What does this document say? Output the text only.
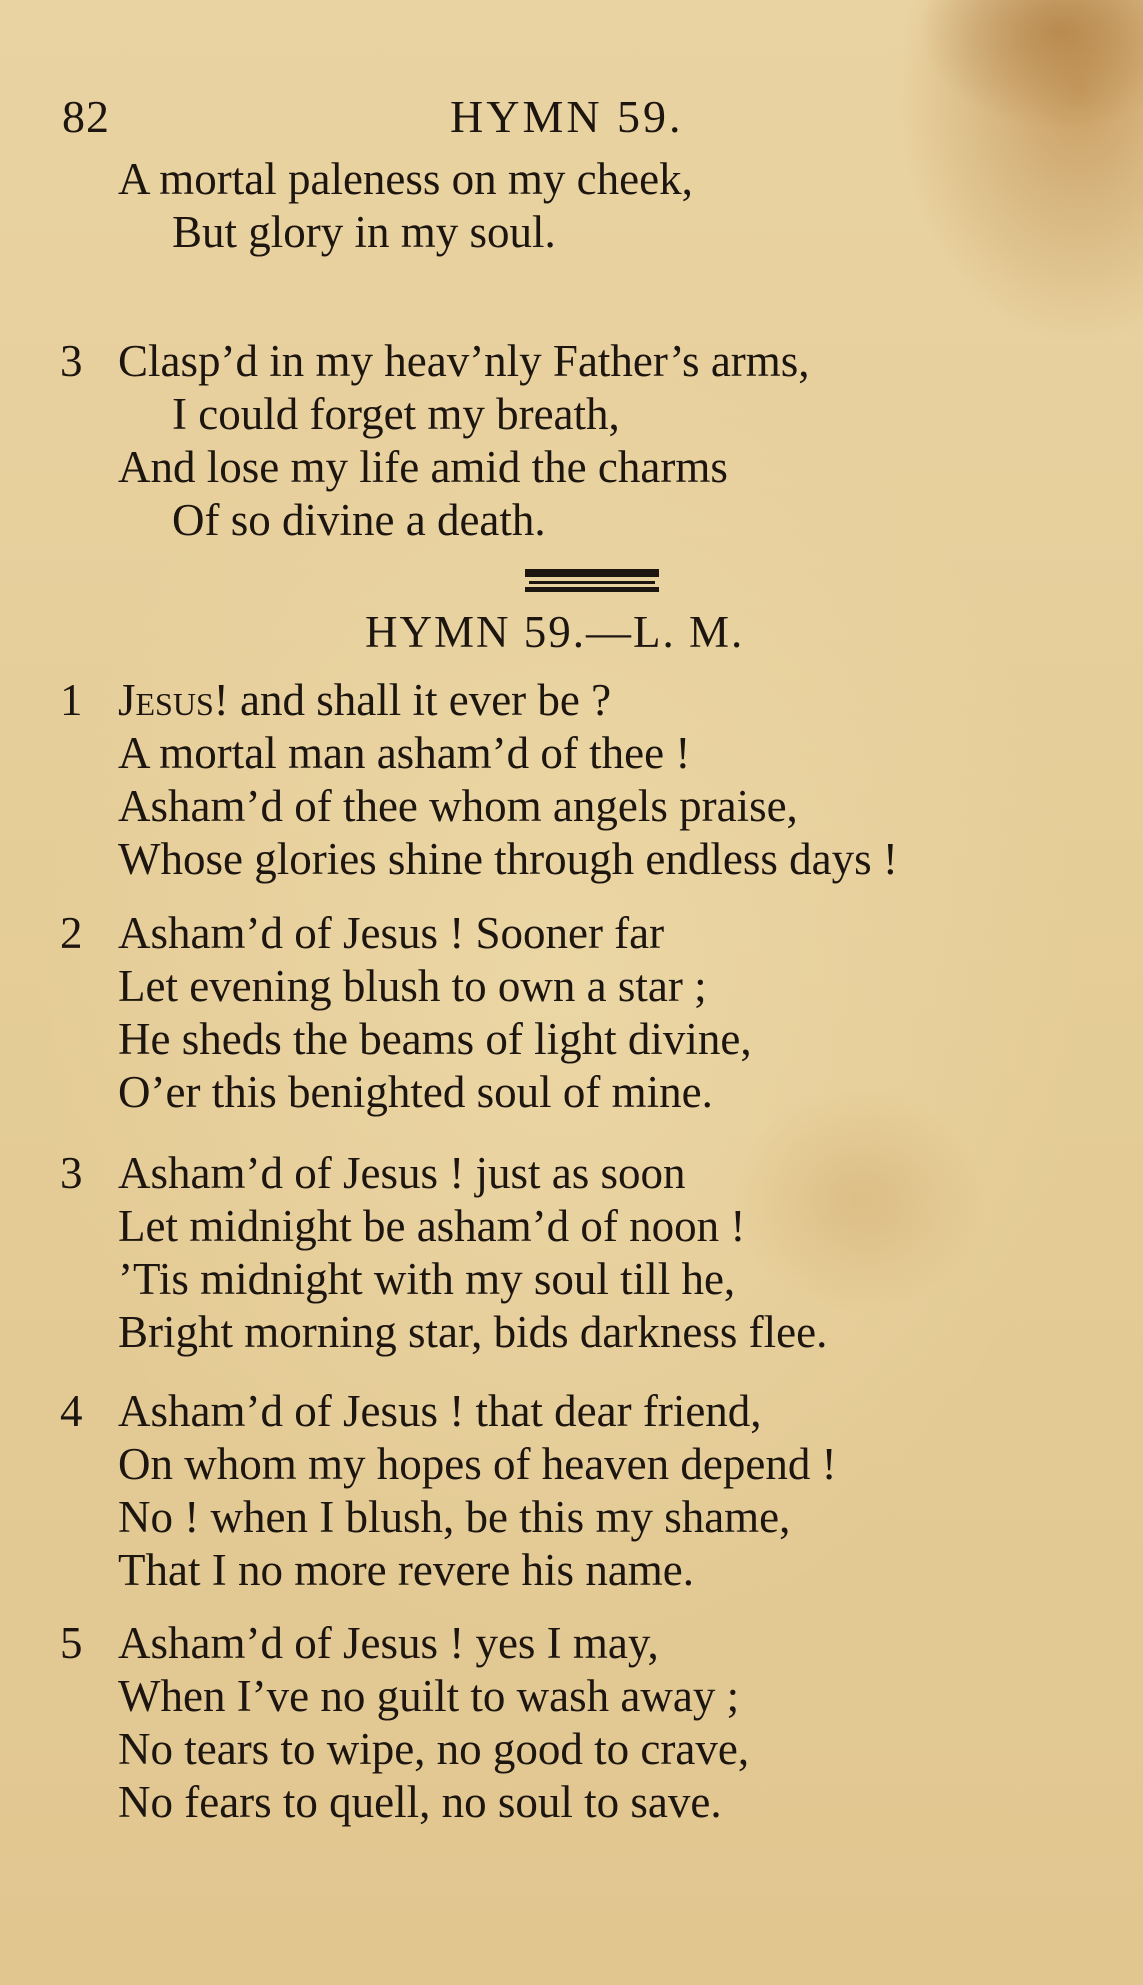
82	HYMN 59.
A mortal paleness on my cheek,
But glory in my soul.
3 Clasp’d in my heav’nly Father’s arms,
I could forget my breath,
And lose my life amid the charms
Of so divine a death.
HYMN 59.—L. M.
1 Jesus! and shall it ever be ?
A mortal man asham’d of thee !
Asham’d of thee whom angels praise,
Whose glories shine through endless days !
2 Asham’d of Jesus ! Sooner far
Let evening blush to own a star ;
He sheds the beams of light divine,
O’er this benighted soul of mine.
3 Asham’d of Jesus ! just as soon
Let midnight be asham’d of noon !
’Tis midnight with my soul till he,
Bright morning star, bids darkness flee.
4 Asham’d of Jesus ! that dear friend,
On whom my hopes of heaven depend !
No ! when I blush, be this my shame,
That I no more revere his name.
5 Asham’d of Jesus ! yes I may,
When I’ve no guilt to wash away ;
No tears to wipe, no good to crave,
No fears to quell, no soul to save.
